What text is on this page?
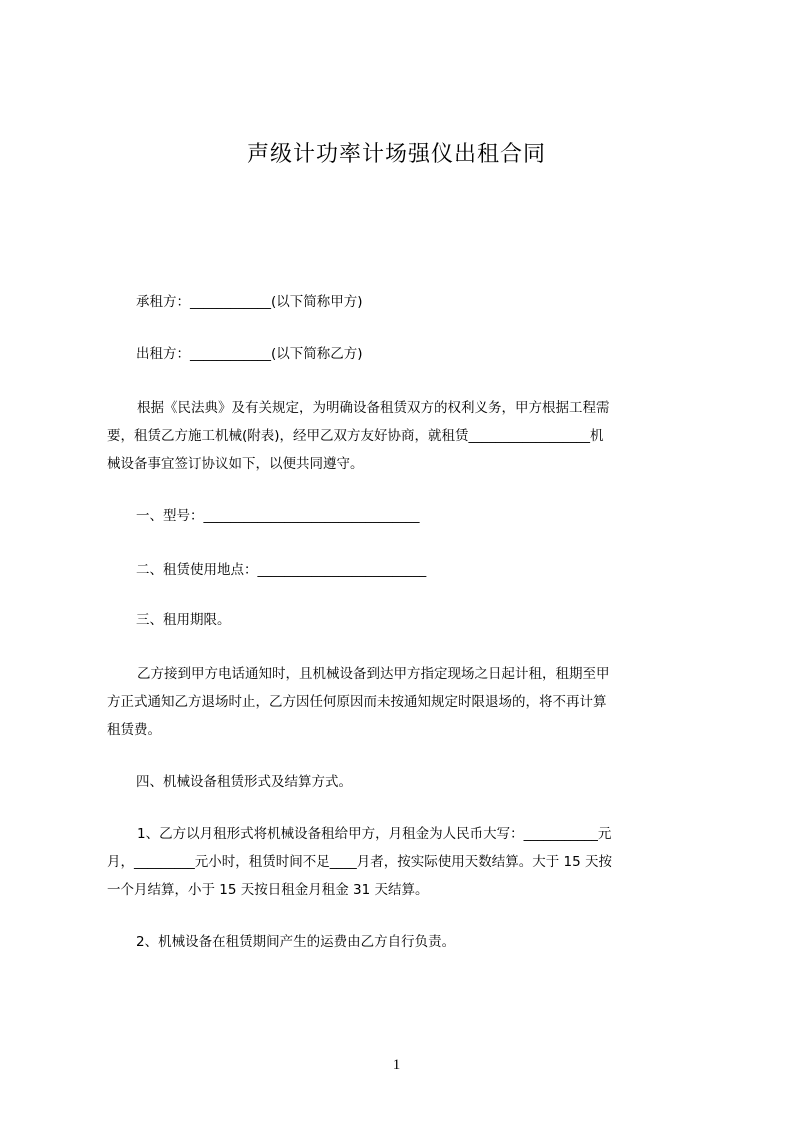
声级计功率计场强仪出租合同
承租方：____________(以下简称甲方)
出租方：____________(以下简称乙方)
根据《民法典》及有关规定，为明确设备租赁双方的权利义务，甲方根据工程需
要，租赁乙方施工机械(附表)，经甲乙双方友好协商，就租赁__________________机
械设备事宜签订协议如下，以便共同遵守。
一、型号：________________________________
二、租赁使用地点：_________________________
三、租用期限。
乙方接到甲方电话通知时，且机械设备到达甲方指定现场之日起计租，租期至甲
方正式通知乙方退场时止，乙方因任何原因而未按通知规定时限退场的，将不再计算
租赁费。
四、机械设备租赁形式及结算方式。
1、乙方以月租形式将机械设备租给甲方，月租金为人民币大写：___________元
月，_________元小时，租赁时间不足____月者，按实际使用天数结算。大于 15 天按
一个月结算，小于 15 天按日租金月租金 31 天结算。
2、机械设备在租赁期间产生的运费由乙方自行负责。
1
